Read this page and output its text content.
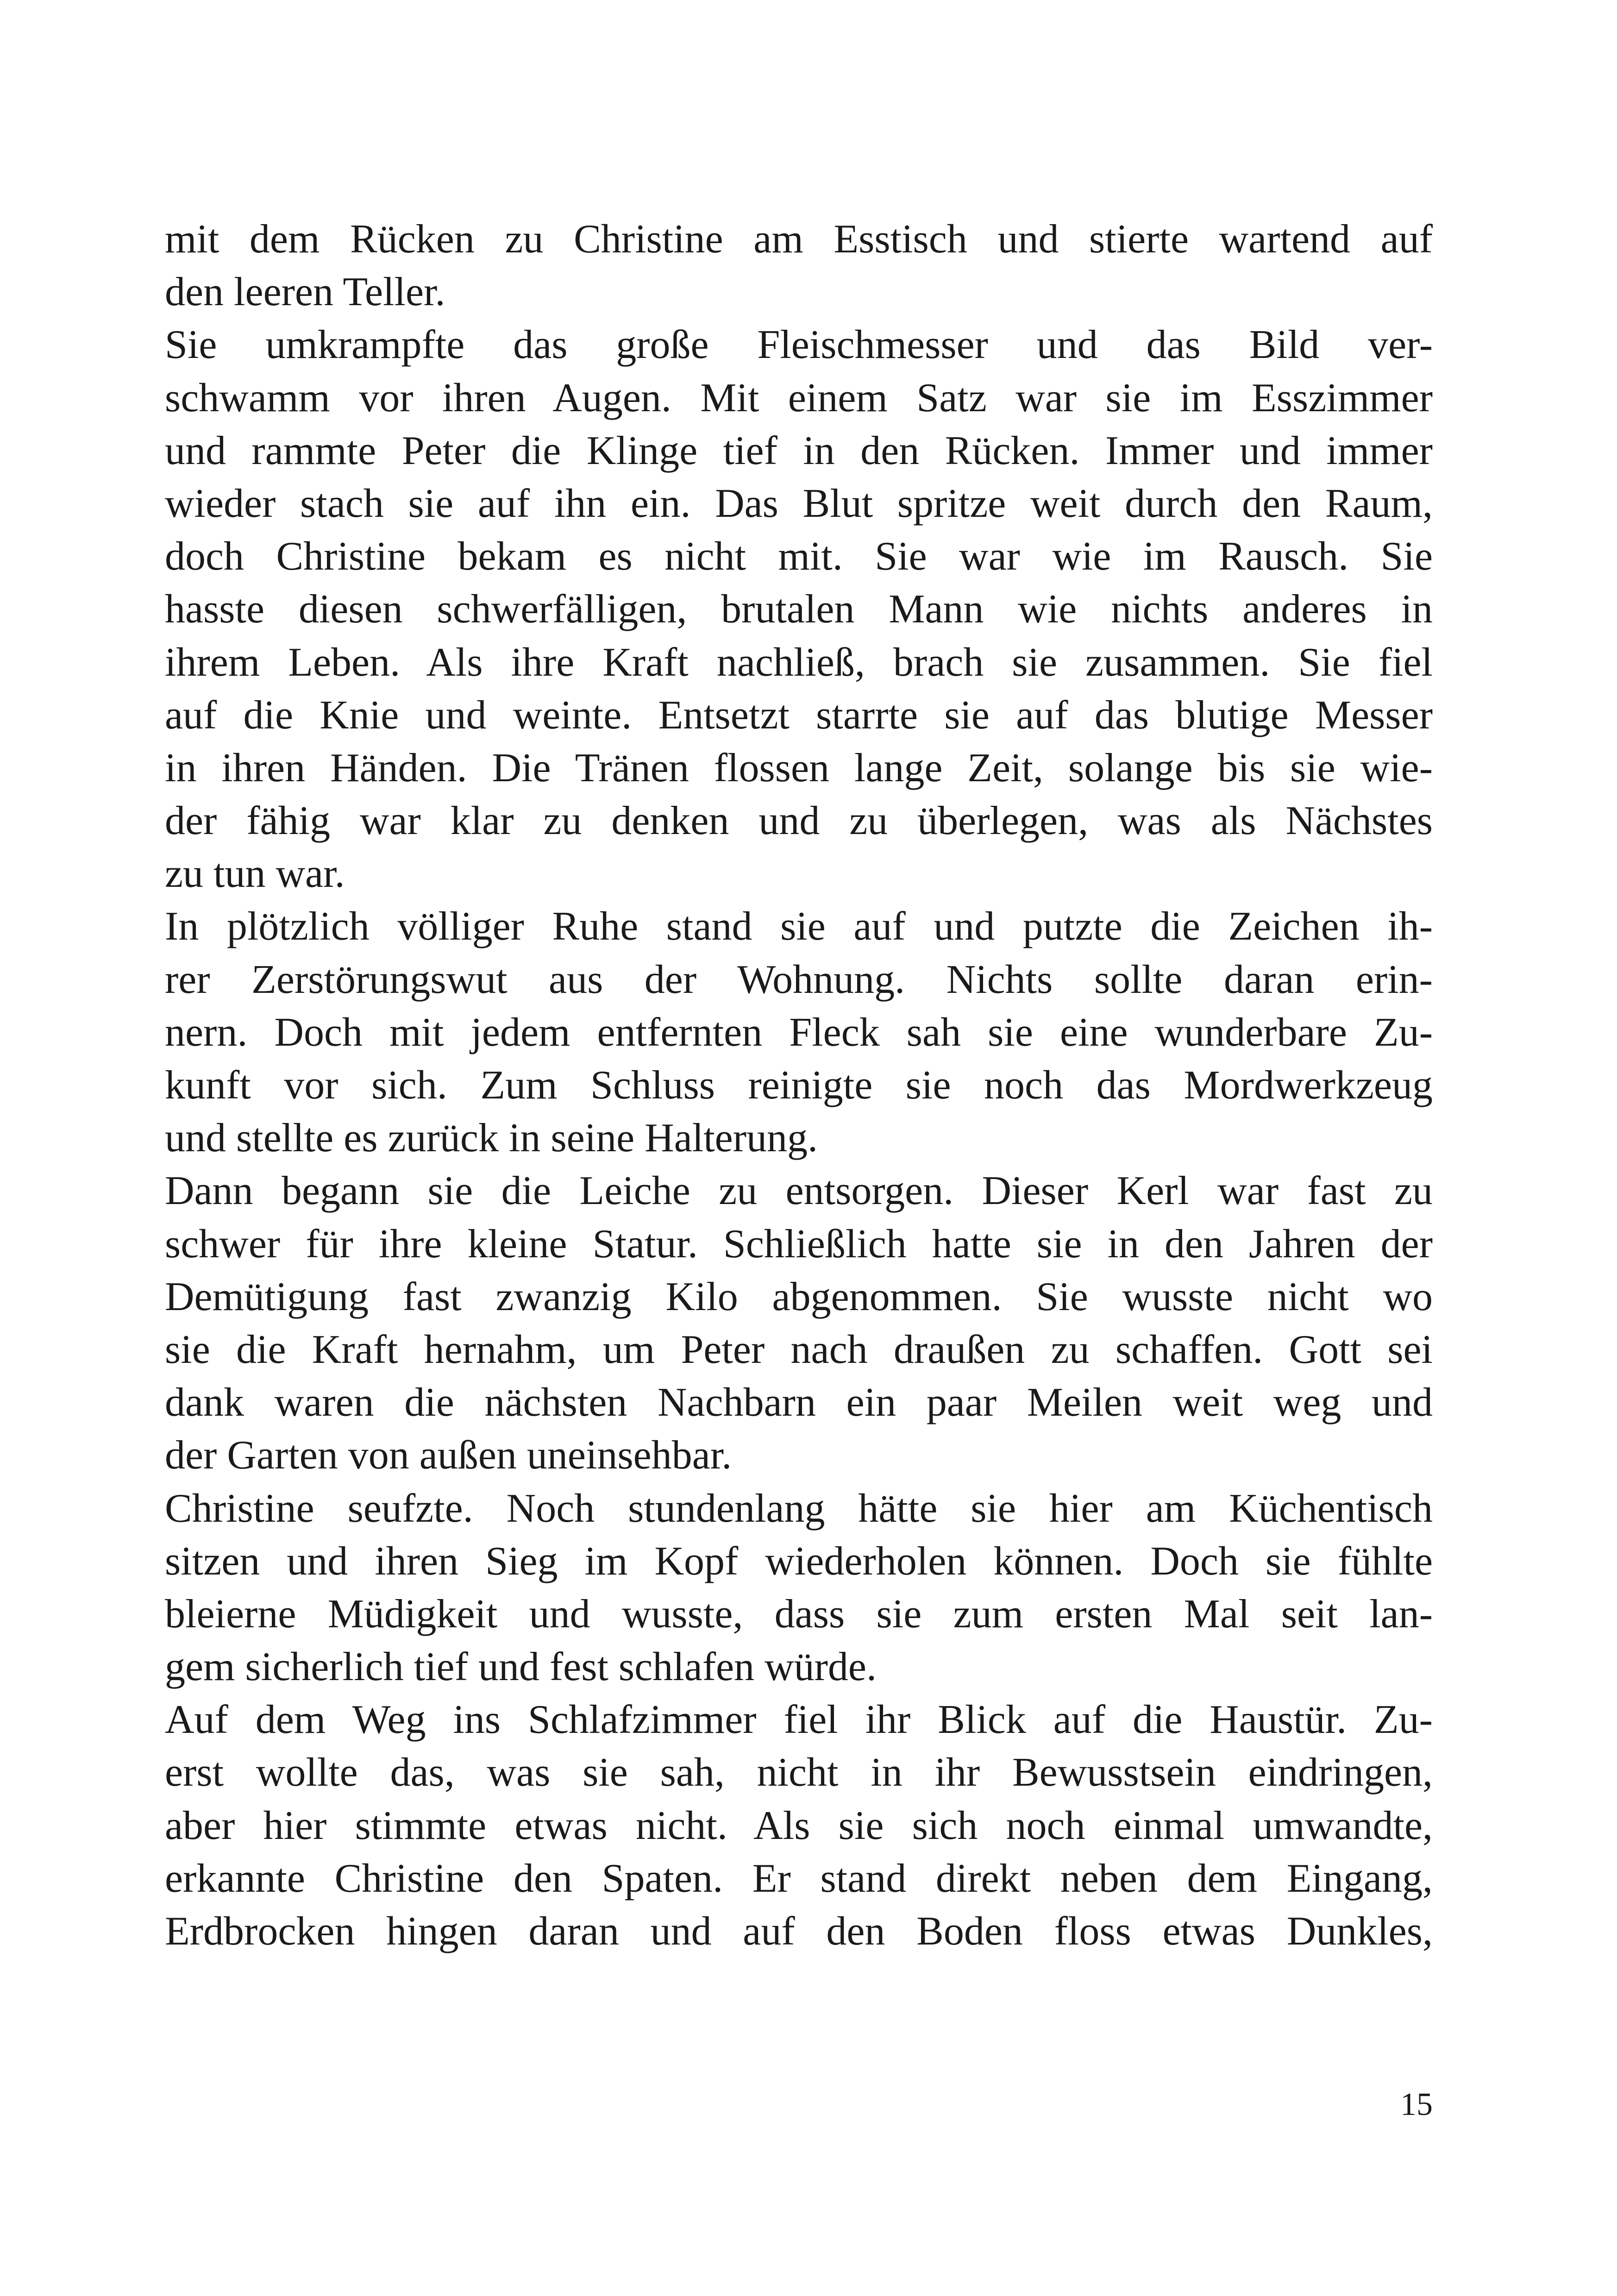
mit dem Rücken zu Christine am Esstisch und stierte wartend auf
den leeren Teller.
Sie umkrampfte das große Fleischmesser und das Bild ver-
schwamm vor ihren Augen. Mit einem Satz war sie im Esszimmer
und rammte Peter die Klinge tief in den Rücken. Immer und immer
wieder stach sie auf ihn ein. Das Blut spritze weit durch den Raum,
doch Christine bekam es nicht mit. Sie war wie im Rausch. Sie
hasste diesen schwerfälligen, brutalen Mann wie nichts anderes in
ihrem Leben. Als ihre Kraft nachließ, brach sie zusammen. Sie fiel
auf die Knie und weinte. Entsetzt starrte sie auf das blutige Messer
in ihren Händen. Die Tränen flossen lange Zeit, solange bis sie wie-
der fähig war klar zu denken und zu überlegen, was als Nächstes
zu tun war.
In plötzlich völliger Ruhe stand sie auf und putzte die Zeichen ih-
rer Zerstörungswut aus der Wohnung. Nichts sollte daran erin-
nern. Doch mit jedem entfernten Fleck sah sie eine wunderbare Zu-
kunft vor sich. Zum Schluss reinigte sie noch das Mordwerkzeug
und stellte es zurück in seine Halterung.
Dann begann sie die Leiche zu entsorgen. Dieser Kerl war fast zu
schwer für ihre kleine Statur. Schließlich hatte sie in den Jahren der
Demütigung fast zwanzig Kilo abgenommen. Sie wusste nicht wo
sie die Kraft hernahm, um Peter nach draußen zu schaffen. Gott sei
dank waren die nächsten Nachbarn ein paar Meilen weit weg und
der Garten von außen uneinsehbar.
Christine seufzte. Noch stundenlang hätte sie hier am Küchentisch
sitzen und ihren Sieg im Kopf wiederholen können. Doch sie fühlte
bleierne Müdigkeit und wusste, dass sie zum ersten Mal seit lan-
gem sicherlich tief und fest schlafen würde.
Auf dem Weg ins Schlafzimmer fiel ihr Blick auf die Haustür. Zu-
erst wollte das, was sie sah, nicht in ihr Bewusstsein eindringen,
aber hier stimmte etwas nicht. Als sie sich noch einmal umwandte,
erkannte Christine den Spaten. Er stand direkt neben dem Eingang,
Erdbrocken hingen daran und auf den Boden floss etwas Dunkles,
15
